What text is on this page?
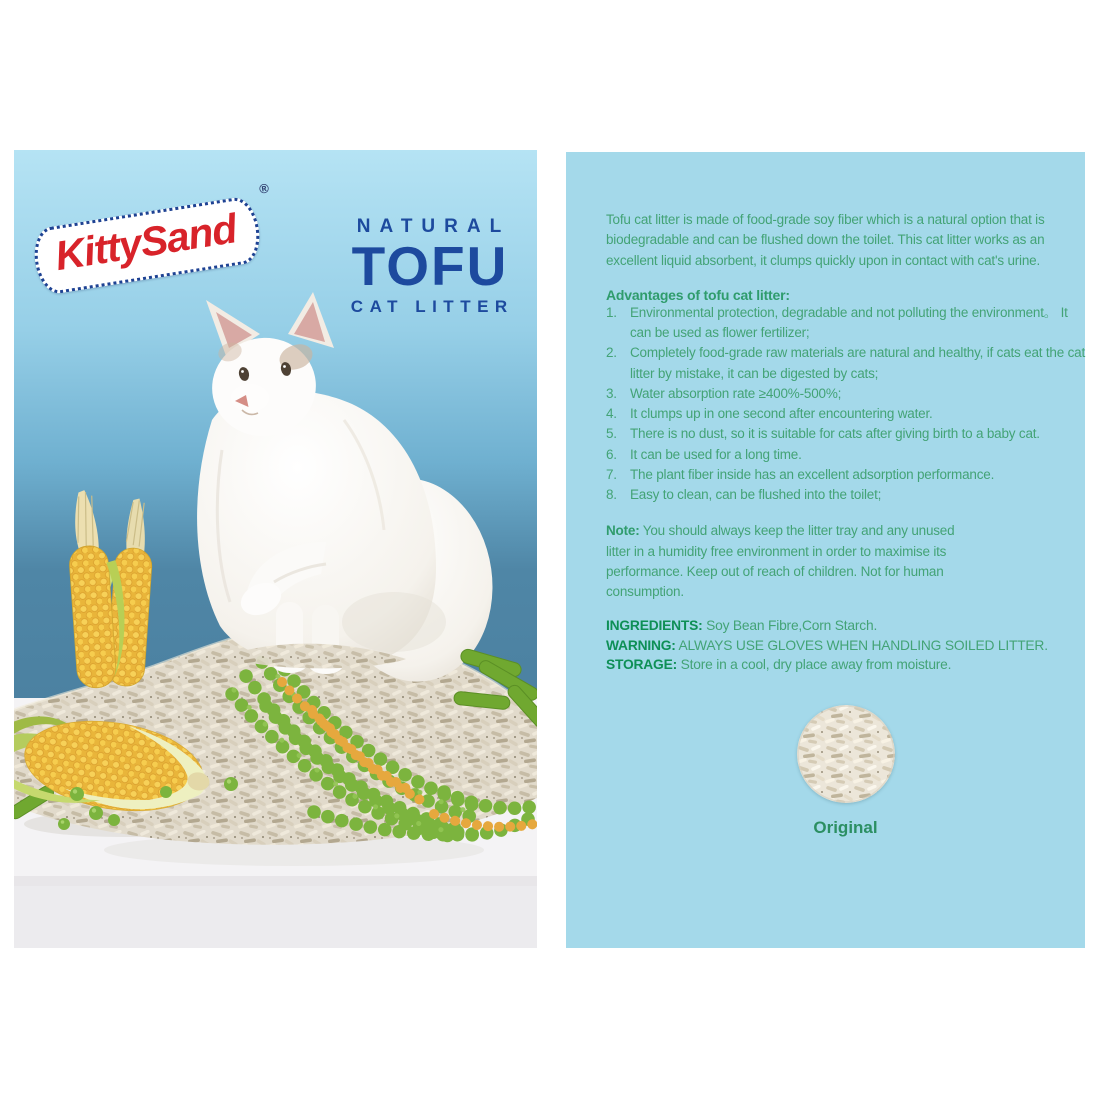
KittySand
®
NATURAL
TOFU
CAT LITTER

Tofu cat litter is made of food-grade soy fiber which is a natural option that is biodegradable and can be flushed down the toilet. This cat litter works as an excellent liquid absorbent, it clumps quickly upon in contact with cat's urine.

Advantages of tofu cat litter:
1. Environmental protection, degradable and not polluting the environment。 It can be used as flower fertilizer;
2. Completely food-grade raw materials are natural and healthy, if cats eat the cat litter by mistake, it can be digested by cats;
3. Water absorption rate ≥400%-500%;
4. It clumps up in one second after encountering water.
5. There is no dust, so it is suitable for cats after giving birth to a baby cat.
6. It can be used for a long time.
7. The plant fiber inside has an excellent adsorption performance.
8. Easy to clean, can be flushed into the toilet;

Note: You should always keep the litter tray and any unused litter in a humidity free environment in order to maximise its performance. Keep out of reach of children. Not for human consumption.

INGREDIENTS: Soy Bean Fibre,Corn Starch.
WARNING: ALWAYS USE GLOVES WHEN HANDLING SOILED LITTER.
STORAGE: Store in a cool, dry place away from moisture.
Original
